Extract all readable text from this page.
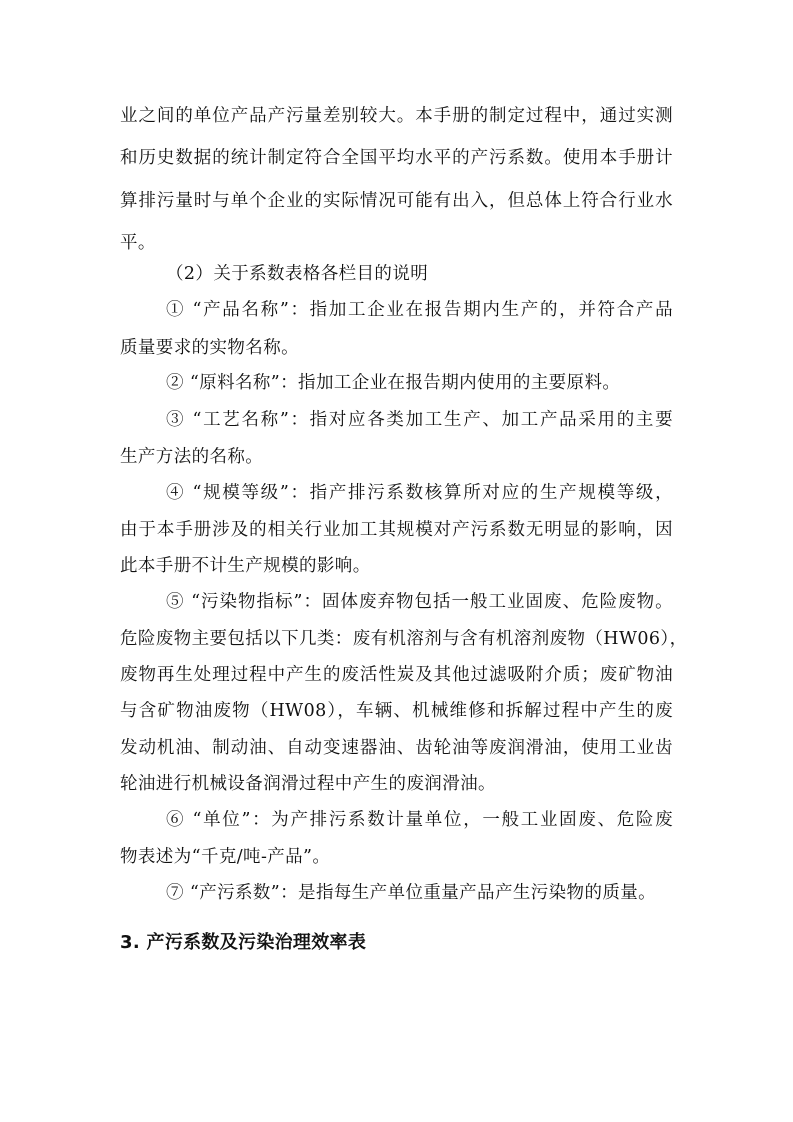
业之间的单位产品产污量差别较大。本手册的制定过程中，通过实测
和历史数据的统计制定符合全国平均水平的产污系数。使用本手册计
算排污量时与单个企业的实际情况可能有出入，但总体上符合行业水
平。
（2）关于系数表格各栏目的说明
① “产品名称”：指加工企业在报告期内生产的，并符合产品
质量要求的实物名称。
② “原料名称”：指加工企业在报告期内使用的主要原料。
③ “工艺名称”：指对应各类加工生产、加工产品采用的主要
生产方法的名称。
④ “规模等级”：指产排污系数核算所对应的生产规模等级，
由于本手册涉及的相关行业加工其规模对产污系数无明显的影响，因
此本手册不计生产规模的影响。
⑤ “污染物指标”：固体废弃物包括一般工业固废、危险废物。
危险废物主要包括以下几类：废有机溶剂与含有机溶剂废物（HW06），
废物再生处理过程中产生的废活性炭及其他过滤吸附介质；废矿物油
与含矿物油废物（HW08），车辆、机械维修和拆解过程中产生的废
发动机油、制动油、自动变速器油、齿轮油等废润滑油，使用工业齿
轮油进行机械设备润滑过程中产生的废润滑油。
⑥ “单位”：为产排污系数计量单位，一般工业固废、危险废
物表述为“千克/吨-产品”。
⑦ “产污系数”：是指每生产单位重量产品产生污染物的质量。
3. 产污系数及污染治理效率表
